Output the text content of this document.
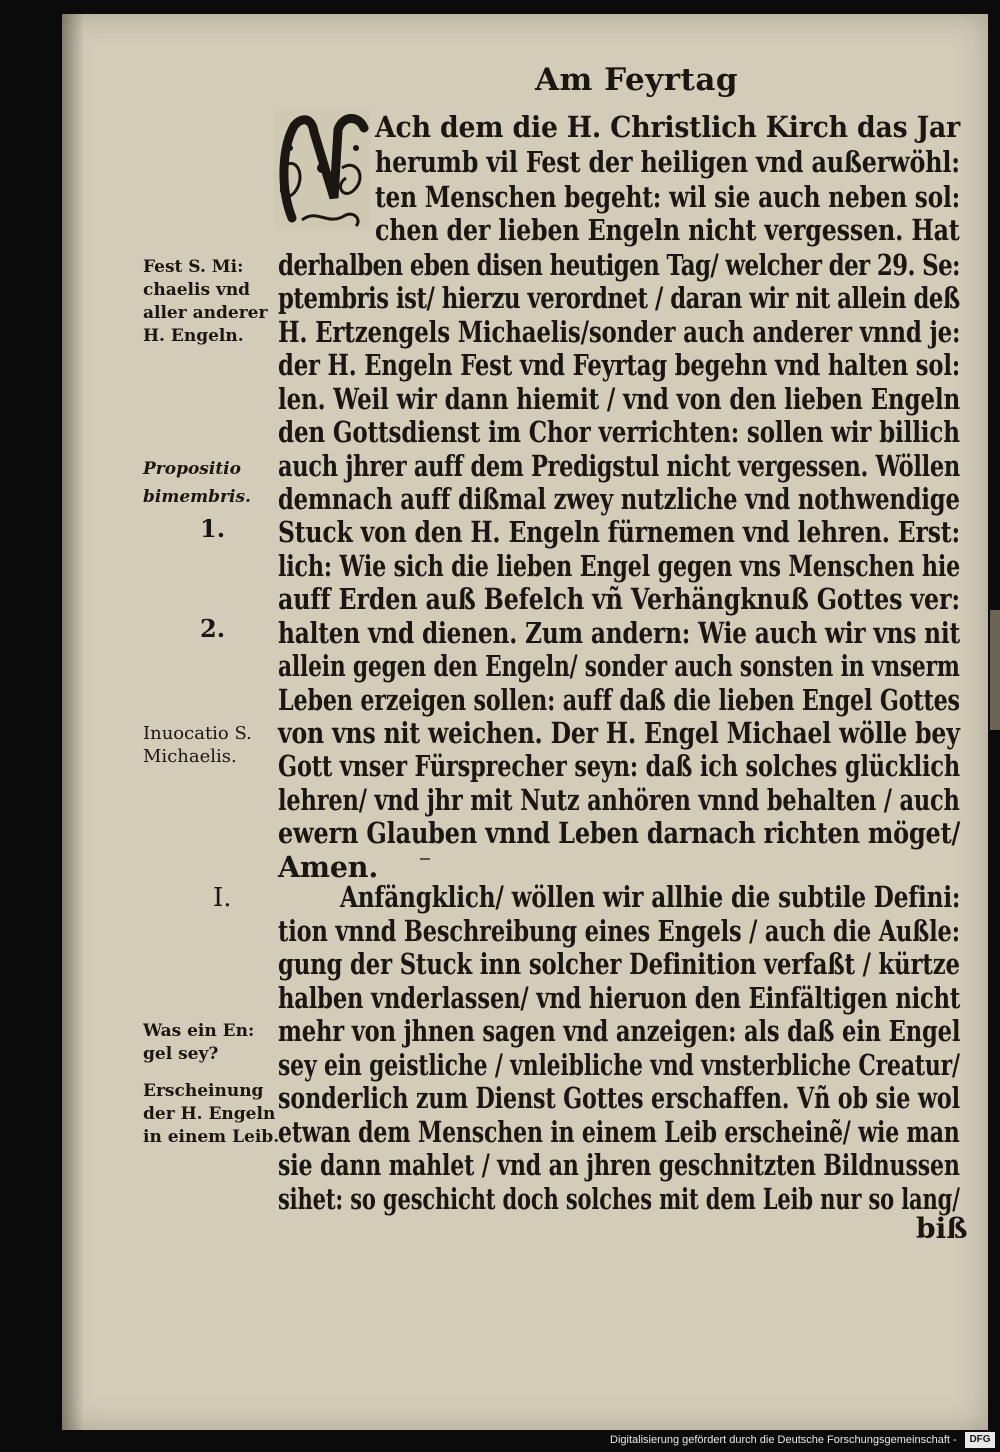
Am Feyrtag
Ach dem die H. Christlich Kirch das Jar
herumb vil Fest der heiligen vnd außerwöhl:
ten Menschen begeht: wil sie auch neben sol:
chen der lieben Engeln nicht vergessen. Hat
derhalben eben disen heutigen Tag/ welcher der 29. Se:
ptembris ist/ hierzu verordnet / daran wir nit allein deß
H. Ertzengels Michaelis/sonder auch anderer vnnd je:
der H. Engeln Fest vnd Feyrtag begehn vnd halten sol:
len. Weil wir dann hiemit / vnd von den lieben Engeln
den Gottsdienst im Chor verrichten: sollen wir billich
auch jhrer auff dem Predigstul nicht vergessen. Wöllen
demnach auff dißmal zwey nutzliche vnd nothwendige
Stuck von den H. Engeln fürnemen vnd lehren. Erst:
lich: Wie sich die lieben Engel gegen vns Menschen hie
auff Erden auß Befelch vñ Verhängknuß Gottes ver:
halten vnd dienen. Zum andern: Wie auch wir vns nit
allein gegen den Engeln/ sonder auch sonsten in vnserm
Leben erzeigen sollen: auff daß die lieben Engel Gottes
von vns nit weichen. Der H. Engel Michael wölle bey
Gott vnser Fürsprecher seyn: daß ich solches glücklich
lehren/ vnd jhr mit Nutz anhören vnnd behalten / auch
ewern Glauben vnnd Leben darnach richten möget/
Amen.
Anfängklich/ wöllen wir allhie die subtile Defini:
tion vnnd Beschreibung eines Engels / auch die Außle:
gung der Stuck inn solcher Definition verfaßt / kürtze
halben vnderlassen/ vnd hieruon den Einfältigen nicht
mehr von jhnen sagen vnd anzeigen: als daß ein Engel
sey ein geistliche / vnleibliche vnd vnsterbliche Creatur/
sonderlich zum Dienst Gottes erschaffen. Vñ ob sie wol
etwan dem Menschen in einem Leib erscheinẽ/ wie man
sie dann mahlet / vnd an jhren geschnitzten Bildnussen
sihet: so geschicht doch solches mit dem Leib nur so lang/
biß
Fest S. Mi:
chaelis vnd
aller anderer
H. Engeln.
Propositio
bimembris.
1.
2.
Inuocatio S.
Michaelis.
I.
Was ein En:
gel sey?
Erscheinung
der H. Engeln
in einem Leib.
Digitalisierung gefördert durch die Deutsche Forschungsgemeinschaft -	DFG
